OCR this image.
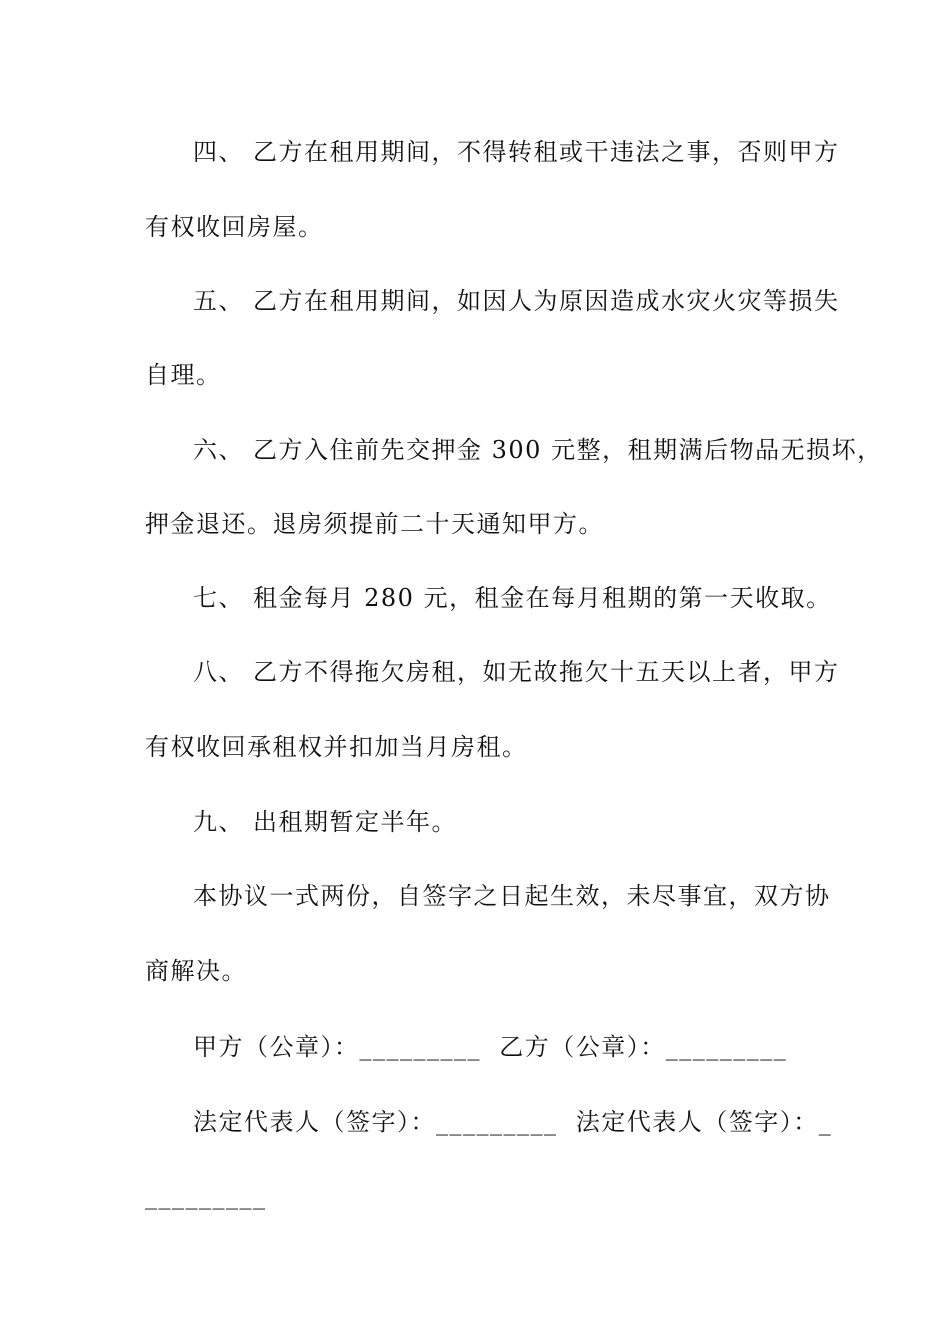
四、 乙方在租用期间，不得转租或干违法之事，否则甲方
有权收回房屋。
五、 乙方在租用期间，如因人为原因造成水灾火灾等损失
自理。
六、 乙方入住前先交押金 300 元整，租期满后物品无损坏，
押金退还。退房须提前二十天通知甲方。
七、 租金每月 280 元，租金在每月租期的第一天收取。
八、 乙方不得拖欠房租，如无故拖欠十五天以上者，甲方
有权收回承租权并扣加当月房租。
九、 出租期暂定半年。
本协议一式两份，自签字之日起生效，未尽事宜，双方协
商解决。
甲方（公章）：_________  乙方（公章）：_________
法定代表人（签字）：_________  法定代表人（签字）：_
_________
